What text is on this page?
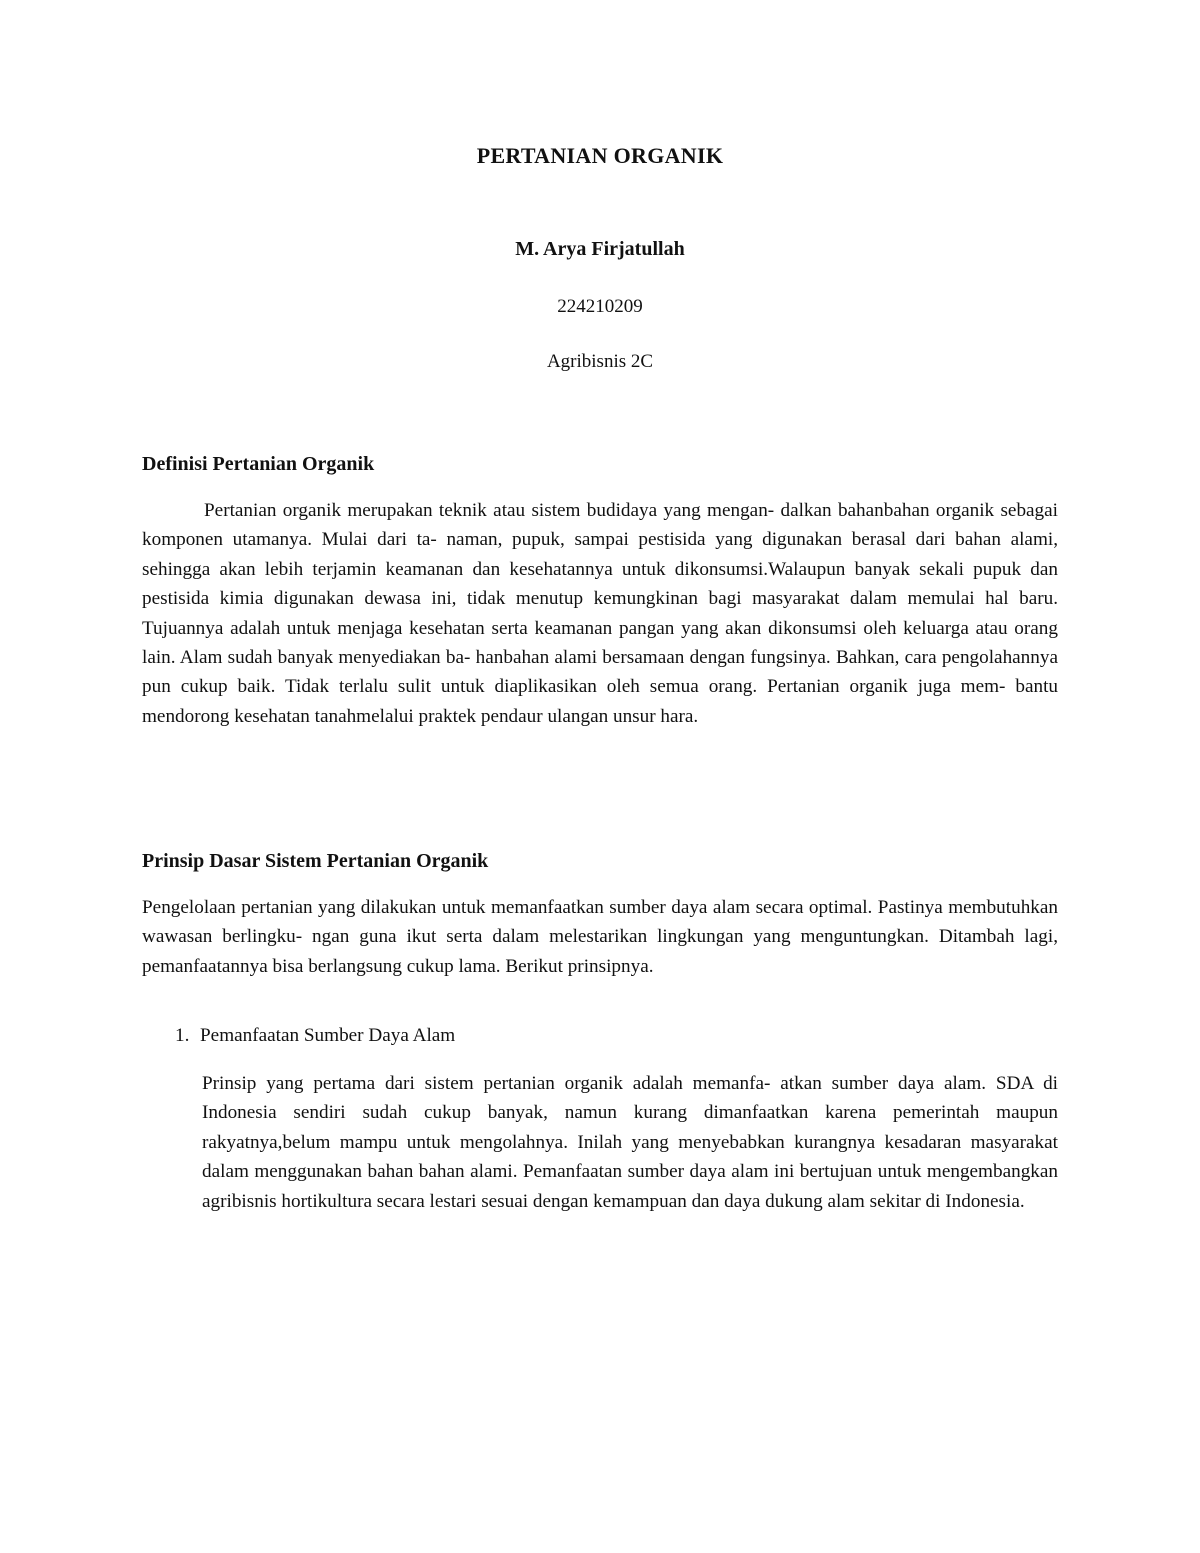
PERTANIAN ORGANIK
M. Arya Firjatullah
224210209
Agribisnis 2C
Definisi Pertanian Organik
Pertanian organik merupakan teknik atau sistem budidaya yang mengan- dalkan bahanbahan organik sebagai komponen utamanya. Mulai dari ta- naman, pupuk, sampai pestisida yang digunakan berasal dari bahan alami, sehingga akan lebih terjamin keamanan dan kesehatannya untuk dikonsumsi.Walaupun banyak sekali pupuk dan pestisida kimia digunakan dewasa ini, tidak menutup kemungkinan bagi masyarakat dalam memulai hal baru. Tujuannya adalah untuk menjaga kesehatan serta keamanan pangan yang akan dikonsumsi oleh keluarga atau orang lain. Alam sudah banyak menyediakan ba- hanbahan alami bersamaan dengan fungsinya. Bahkan, cara pengolahannya pun cukup baik. Tidak terlalu sulit untuk diaplikasikan oleh semua orang. Pertanian organik juga mem- bantu mendorong kesehatan tanahmelalui praktek pendaur ulangan unsur hara.
Prinsip Dasar Sistem Pertanian Organik
Pengelolaan pertanian yang dilakukan untuk memanfaatkan sumber daya alam secara optimal. Pastinya membutuhkan wawasan berlingku- ngan guna ikut serta dalam melestarikan lingkungan yang menguntungkan. Ditambah lagi, pemanfaatannya bisa berlangsung cukup lama. Berikut prinsipnya.
1. Pemanfaatan Sumber Daya Alam
Prinsip yang pertama dari sistem pertanian organik adalah memanfa- atkan sumber daya alam. SDA di Indonesia sendiri sudah cukup banyak, namun kurang dimanfaatkan karena pemerintah maupun rakyatnya,belum mampu untuk mengolahnya. Inilah yang menyebabkan kurangnya kesadaran masyarakat dalam menggunakan bahan bahan alami. Pemanfaatan sumber daya alam ini bertujuan untuk mengembangkan agribisnis hortikultura secara lestari sesuai dengan kemampuan dan daya dukung alam sekitar di Indonesia.
